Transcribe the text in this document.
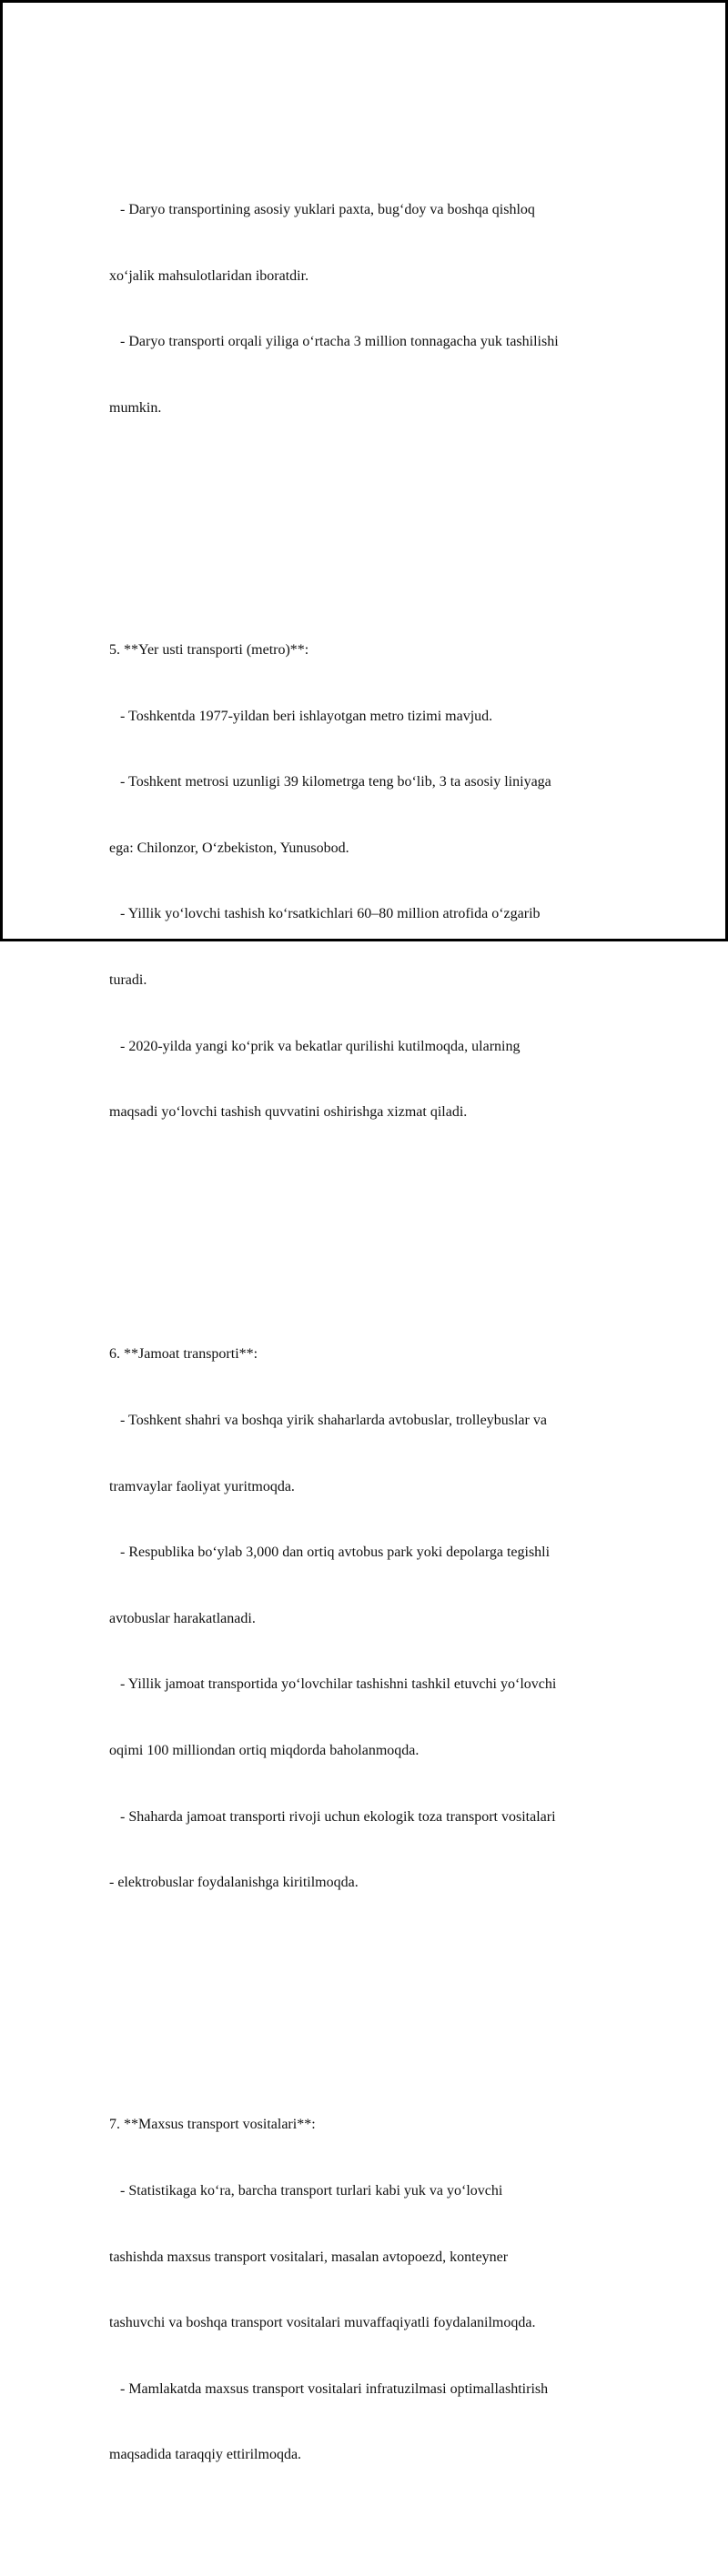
- Daryo transportining asosiy yuklari paxta, bug‘doy va boshqa qishloq

xo‘jalik mahsulotlaridan iboratdir.

- Daryo transporti orqali yiliga o‘rtacha 3 million tonnagacha yuk tashilishi

mumkin.

5. **Yer usti transporti (metro)**:

- Toshkentda 1977-yildan beri ishlayotgan metro tizimi mavjud.

- Toshkent metrosi uzunligi 39 kilometrga teng bo‘lib, 3 ta asosiy liniyaga

ega: Chilonzor, O‘zbekiston, Yunusobod.

- Yillik yo‘lovchi tashish ko‘rsatkichlari 60–80 million atrofida o‘zgarib

turadi.

- 2020-yilda yangi ko‘prik va bekatlar qurilishi kutilmoqda, ularning

maqsadi yo‘lovchi tashish quvvatini oshirishga xizmat qiladi.

6. **Jamoat transporti**:

- Toshkent shahri va boshqa yirik shaharlarda avtobuslar, trolleybuslar va

tramvaylar faoliyat yuritmoqda.

- Respublika bo‘ylab 3,000 dan ortiq avtobus park yoki depolarga tegishli

avtobuslar harakatlanadi.

- Yillik jamoat transportida yo‘lovchilar tashishni tashkil etuvchi yo‘lovchi

oqimi 100 milliondan ortiq miqdorda baholanmoqda.

- Shaharda jamoat transporti rivoji uchun ekologik toza transport vositalari

- elektrobuslar foydalanishga kiritilmoqda.

7. **Maxsus transport vositalari**:

- Statistikaga ko‘ra, barcha transport turlari kabi yuk va yo‘lovchi

tashishda maxsus transport vositalari, masalan avtopoezd, konteyner

tashuvchi va boshqa transport vositalari muvaffaqiyatli foydalanilmoqda.

- Mamlakatda maxsus transport vositalari infratuzilmasi optimallashtirish

maqsadida taraqqiy ettirilmoqda.
